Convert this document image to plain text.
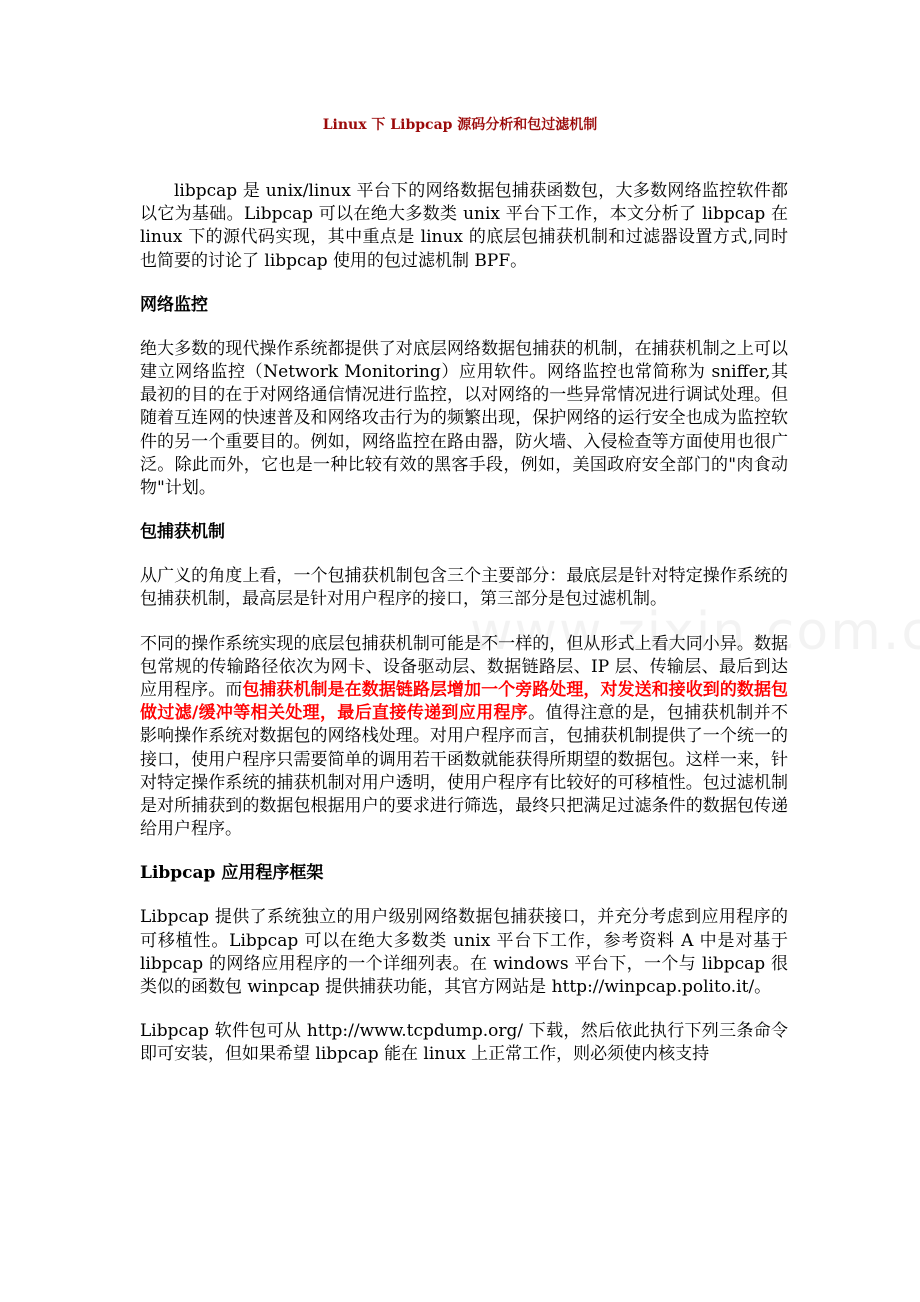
Linux 下 Libpcap 源码分析和包过滤机制

libpcap 是 unix/linux 平台下的网络数据包捕获函数包，大多数网络监控软件都以它为基础。Libpcap 可以在绝大多数类 unix 平台下工作，本文分析了 libpcap 在 linux 下的源代码实现，其中重点是 linux 的底层包捕获机制和过滤器设置方式,同时也简要的讨论了 libpcap 使用的包过滤机制 BPF。

网络监控

绝大多数的现代操作系统都提供了对底层网络数据包捕获的机制，在捕获机制之上可以建立网络监控（Network Monitoring）应用软件。网络监控也常简称为 sniffer,其最初的目的在于对网络通信情况进行监控，以对网络的一些异常情况进行调试处理。但随着互连网的快速普及和网络攻击行为的频繁出现，保护网络的运行安全也成为监控软件的另一个重要目的。例如，网络监控在路由器，防火墙、入侵检查等方面使用也很广泛。除此而外，它也是一种比较有效的黑客手段，例如，美国政府安全部门的"肉食动物"计划。

包捕获机制

从广义的角度上看，一个包捕获机制包含三个主要部分：最底层是针对特定操作系统的包捕获机制，最高层是针对用户程序的接口，第三部分是包过滤机制。

不同的操作系统实现的底层包捕获机制可能是不一样的，但从形式上看大同小异。数据包常规的传输路径依次为网卡、设备驱动层、数据链路层、IP 层、传输层、最后到达应用程序。而包捕获机制是在数据链路层增加一个旁路处理，对发送和接收到的数据包做过滤/缓冲等相关处理，最后直接传递到应用程序。值得注意的是，包捕获机制并不影响操作系统对数据包的网络栈处理。对用户程序而言，包捕获机制提供了一个统一的接口，使用户程序只需要简单的调用若干函数就能获得所期望的数据包。这样一来，针对特定操作系统的捕获机制对用户透明，使用户程序有比较好的可移植性。包过滤机制是对所捕获到的数据包根据用户的要求进行筛选，最终只把满足过滤条件的数据包传递给用户程序。

Libpcap 应用程序框架

Libpcap 提供了系统独立的用户级别网络数据包捕获接口，并充分考虑到应用程序的可移植性。Libpcap 可以在绝大多数类 unix 平台下工作，参考资料 A 中是对基于 libpcap 的网络应用程序的一个详细列表。在 windows 平台下，一个与 libpcap 很类似的函数包 winpcap 提供捕获功能，其官方网站是 http://winpcap.polito.it/。

Libpcap 软件包可从 http://www.tcpdump.org/ 下载，然后依此执行下列三条命令即可安装，但如果希望 libpcap 能在 linux 上正常工作，则必须使内核支持
